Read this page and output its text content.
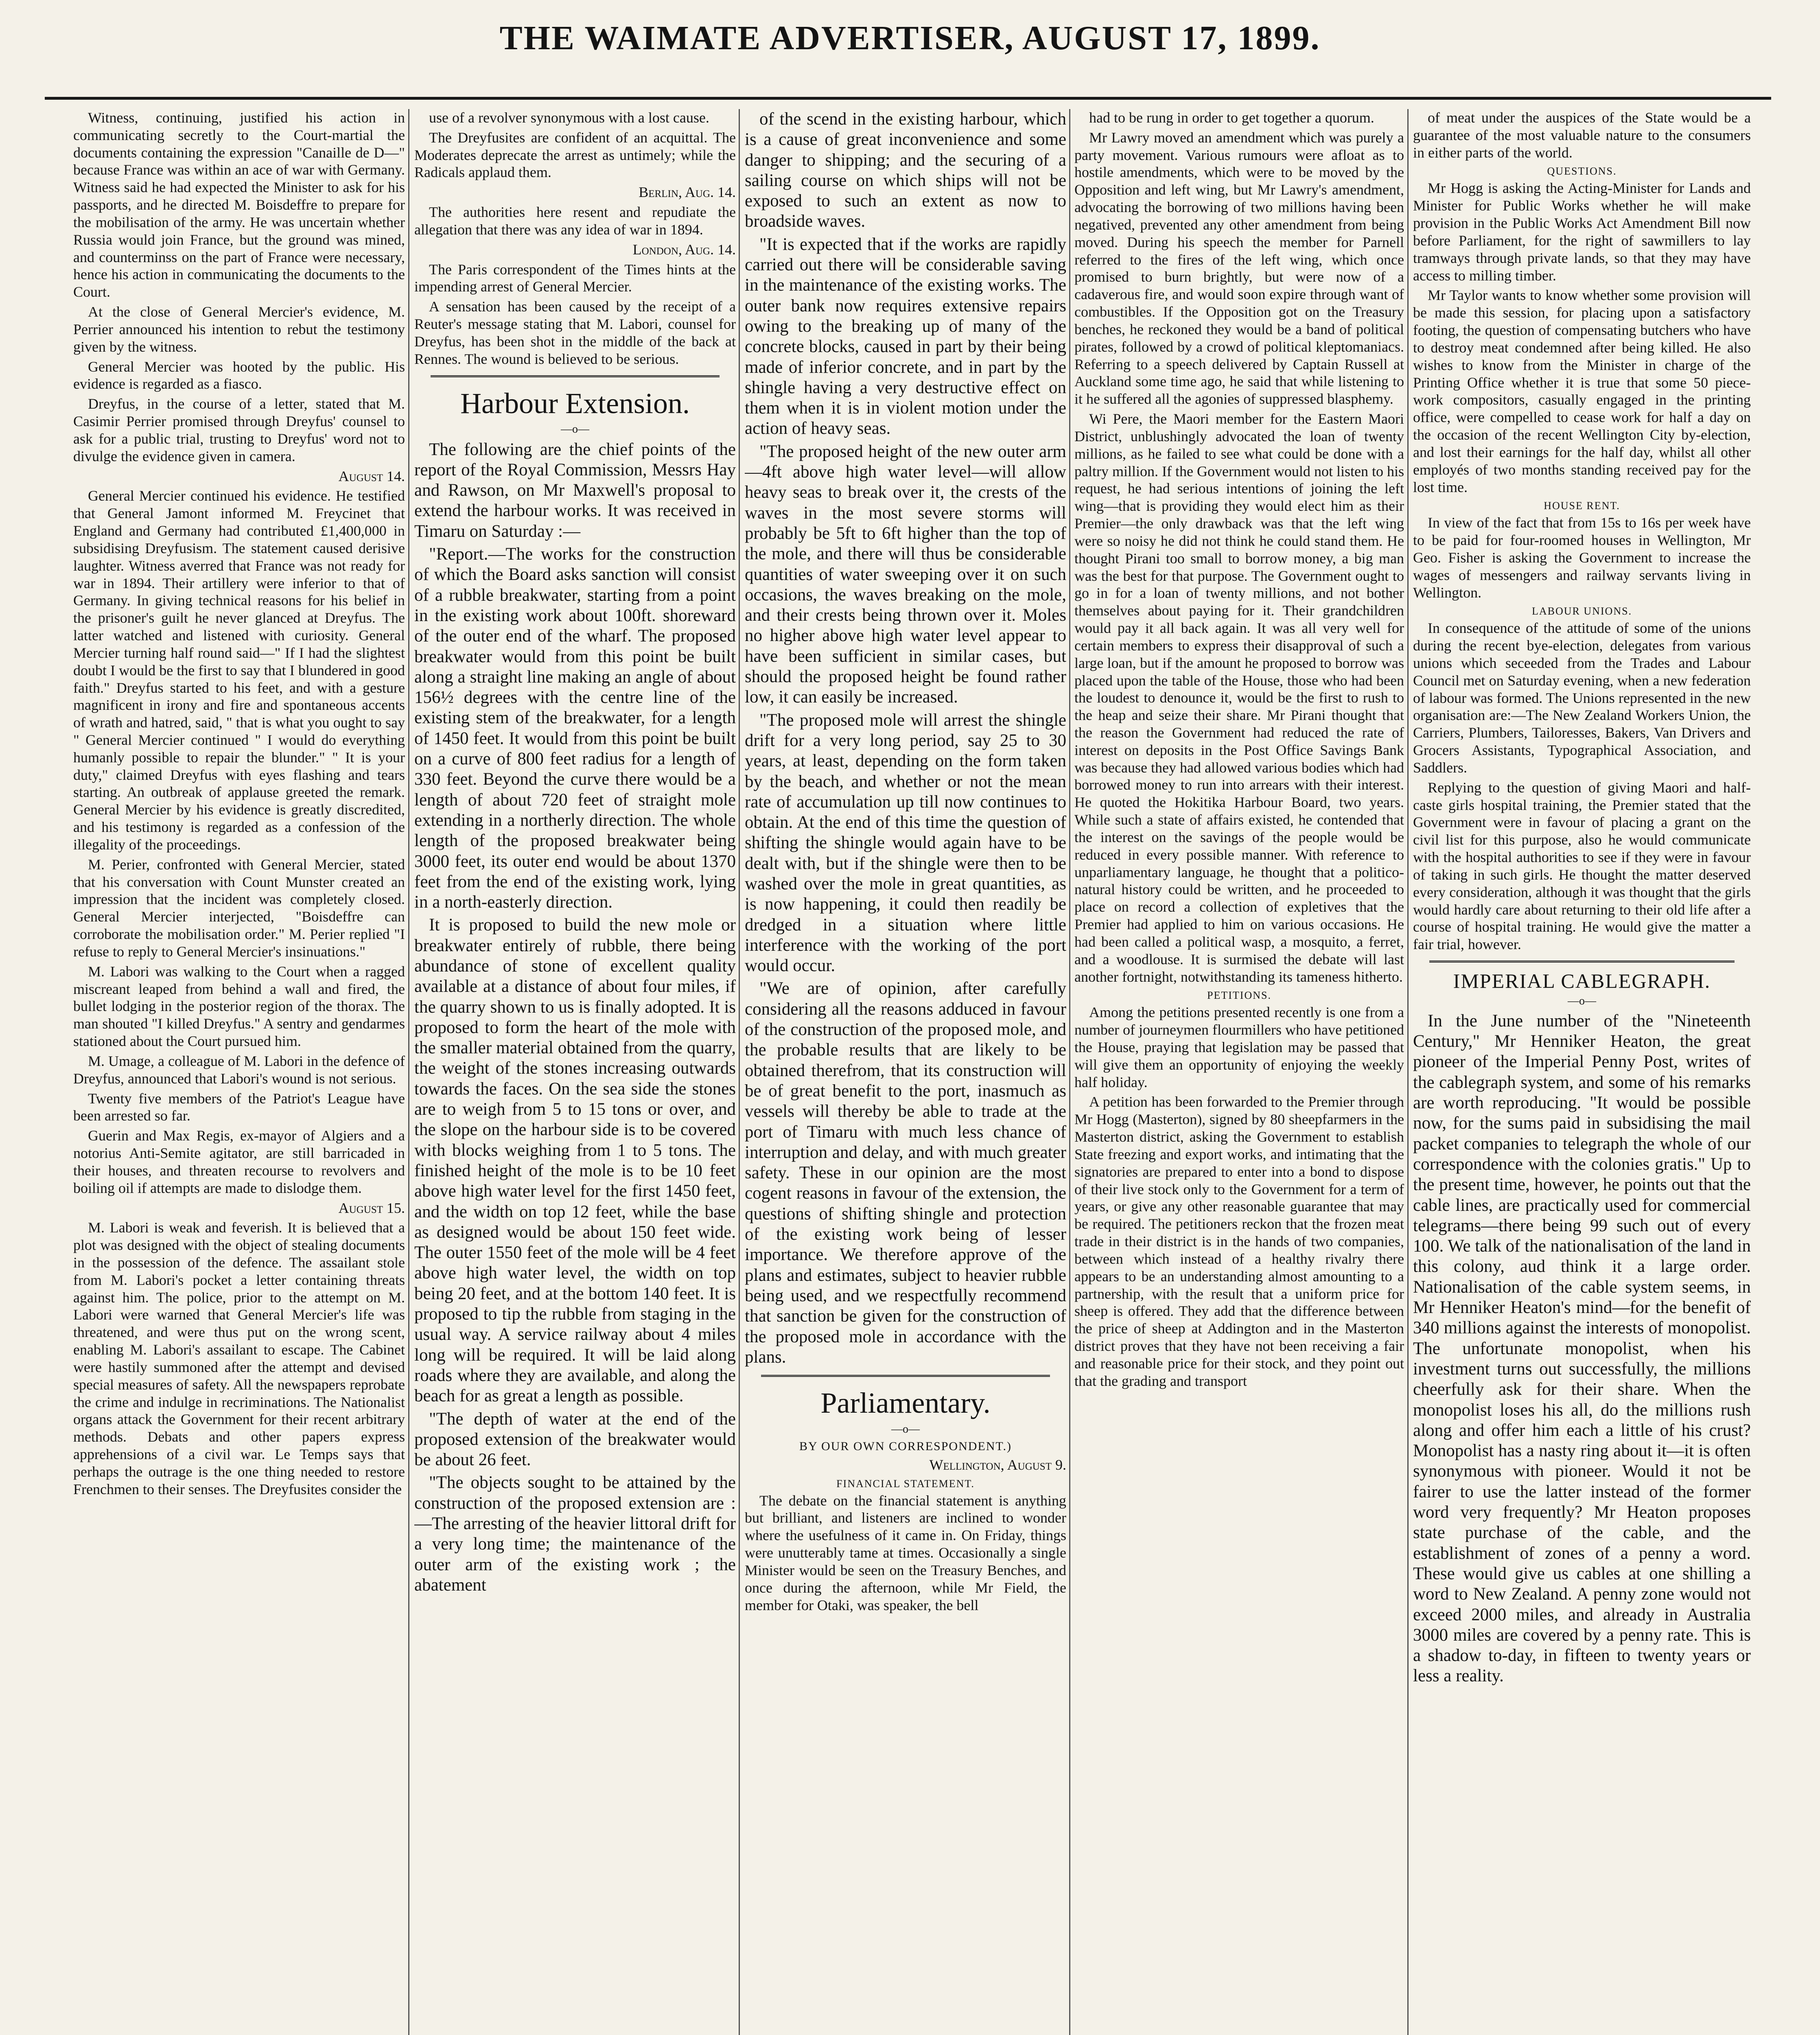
THE WAIMATE ADVERTISER, AUGUST 17, 1899.

Witness, continuing, justified his action in communicating secretly to the Court-martial the documents containing the expression "Canaille de D—" because France was within an ace of war with Germany. Witness said he had expected the Minister to ask for his passports, and he directed M. Boisdeffre to prepare for the mobilisation of the army. He was uncertain whether Russia would join France, but the ground was mined, and counterminss on the part of France were necessary, hence his action in communicating the documents to the Court.

At the close of General Mercier's evidence, M. Perrier announced his intention to rebut the testimony given by the witness.

General Mercier was hooted by the public. His evidence is regarded as a fiasco.

Dreyfus, in the course of a letter, stated that M. Casimir Perrier promised through Dreyfus' counsel to ask for a public trial, trusting to Dreyfus' word not to divulge the evidence given in camera.

August 14.

General Mercier continued his evidence. He testified that General Jamont informed M. Freycinet that England and Germany had contributed £1,400,000 in subsidising Dreyfusism. The statement caused derisive laughter. Witness averred that France was not ready for war in 1894. Their artillery were inferior to that of Germany. In giving technical reasons for his belief in the prisoner's guilt he never glanced at Dreyfus. The latter watched and listened with curiosity. General Mercier turning half round said—" If I had the slightest doubt I would be the first to say that I blundered in good faith." Dreyfus started to his feet, and with a gesture magnificent in irony and fire and spontaneous accents of wrath and hatred, said, " that is what you ought to say " General Mercier continued " I would do everything humanly possible to repair the blunder." " It is your duty," claimed Dreyfus with eyes flashing and tears starting. An outbreak of applause greeted the remark. General Mercier by his evidence is greatly discredited, and his testimony is regarded as a confession of the illegality of the proceedings.

M. Perier, confronted with General Mercier, stated that his conversation with Count Munster created an impression that the incident was completely closed. General Mercier interjected, "Boisdeffre can corroborate the mobilisation order." M. Perier replied "I refuse to reply to General Mercier's insinuations."

M. Labori was walking to the Court when a ragged miscreant leaped from behind a wall and fired, the bullet lodging in the posterior region of the thorax. The man shouted "I killed Dreyfus." A sentry and gendarmes stationed about the Court pursued him.

M. Umage, a colleague of M. Labori in the defence of Dreyfus, announced that Labori's wound is not serious.

Twenty five members of the Patriot's League have been arrested so far.

Guerin and Max Regis, ex-mayor of Algiers and a notorius Anti-Semite agitator, are still barricaded in their houses, and threaten recourse to revolvers and boiling oil if attempts are made to dislodge them.

August 15.

M. Labori is weak and feverish. It is believed that a plot was designed with the object of stealing documents in the possession of the defence. The assailant stole from M. Labori's pocket a letter containing threats against him. The police, prior to the attempt on M. Labori were warned that General Mercier's life was threatened, and were thus put on the wrong scent, enabling M. Labori's assailant to escape. The Cabinet were hastily summoned after the attempt and devised special measures of safety. All the newspapers reprobate the crime and indulge in recriminations. The Nationalist organs attack the Government for their recent arbitrary methods. Debats and other papers express apprehensions of a civil war. Le Temps says that perhaps the outrage is the one thing needed to restore Frenchmen to their senses. The Dreyfusites consider the

use of a revolver synonymous with a lost cause.

The Dreyfusites are confident of an acquittal. The Moderates deprecate the arrest as untimely; while the Radicals applaud them.

Berlin, Aug. 14.

The authorities here resent and repudiate the allegation that there was any idea of war in 1894.

London, Aug. 14.

The Paris correspondent of the Times hints at the impending arrest of General Mercier.

A sensation has been caused by the receipt of a Reuter's message stating that M. Labori, counsel for Dreyfus, has been shot in the middle of the back at Rennes. The wound is believed to be serious.

Harbour Extension.
—o—

The following are the chief points of the report of the Royal Commission, Messrs Hay and Rawson, on Mr Maxwell's proposal to extend the harbour works. It was received in Timaru on Saturday :—

"Report.—The works for the construction of which the Board asks sanction will consist of a rubble breakwater, starting from a point in the existing work about 100ft. shoreward of the outer end of the wharf. The proposed breakwater would from this point be built along a straight line making an angle of about 156½ degrees with the centre line of the existing stem of the breakwater, for a length of 1450 feet. It would from this point be built on a curve of 800 feet radius for a length of 330 feet. Beyond the curve there would be a length of about 720 feet of straight mole extending in a northerly direction. The whole length of the proposed breakwater being 3000 feet, its outer end would be about 1370 feet from the end of the existing work, lying in a north-easterly direction.

It is proposed to build the new mole or breakwater entirely of rubble, there being abundance of stone of excellent quality available at a distance of about four miles, if the quarry shown to us is finally adopted. It is proposed to form the heart of the mole with the smaller material obtained from the quarry, the weight of the stones increasing outwards towards the faces. On the sea side the stones are to weigh from 5 to 15 tons or over, and the slope on the harbour side is to be covered with blocks weighing from 1 to 5 tons. The finished height of the mole is to be 10 feet above high water level for the first 1450 feet, and the width on top 12 feet, while the base as designed would be about 150 feet wide. The outer 1550 feet of the mole will be 4 feet above high water level, the width on top being 20 feet, and at the bottom 140 feet. It is proposed to tip the rubble from staging in the usual way. A service railway about 4 miles long will be required. It will be laid along roads where they are available, and along the beach for as great a length as possible.

"The depth of water at the end of the proposed extension of the breakwater would be about 26 feet.

"The objects sought to be attained by the construction of the proposed extension are :—The arresting of the heavier littoral drift for a very long time; the maintenance of the outer arm of the existing work ; the abatement

of the scend in the existing harbour, which is a cause of great inconvenience and some danger to shipping; and the securing of a sailing course on which ships will not be exposed to such an extent as now to broadside waves.

"It is expected that if the works are rapidly carried out there will be considerable saving in the maintenance of the existing works. The outer bank now requires extensive repairs owing to the breaking up of many of the concrete blocks, caused in part by their being made of inferior concrete, and in part by the shingle having a very destructive effect on them when it is in violent motion under the action of heavy seas.

"The proposed height of the new outer arm—4ft above high water level—will allow heavy seas to break over it, the crests of the waves in the most severe storms will probably be 5ft to 6ft higher than the top of the mole, and there will thus be considerable quantities of water sweeping over it on such occasions, the waves breaking on the mole, and their crests being thrown over it. Moles no higher above high water level appear to have been sufficient in similar cases, but should the proposed height be found rather low, it can easily be increased.

"The proposed mole will arrest the shingle drift for a very long period, say 25 to 30 years, at least, depending on the form taken by the beach, and whether or not the mean rate of accumulation up till now continues to obtain. At the end of this time the question of shifting the shingle would again have to be dealt with, but if the shingle were then to be washed over the mole in great quantities, as is now happening, it could then readily be dredged in a situation where little interference with the working of the port would occur.

"We are of opinion, after carefully considering all the reasons adduced in favour of the construction of the proposed mole, and the probable results that are likely to be obtained therefrom, that its construction will be of great benefit to the port, inasmuch as vessels will thereby be able to trade at the port of Timaru with much less chance of interruption and delay, and with much greater safety. These in our opinion are the most cogent reasons in favour of the extension, the questions of shifting shingle and protection of the existing work being of lesser importance. We therefore approve of the plans and estimates, subject to heavier rubble being used, and we respectfully recommend that sanction be given for the construction of the proposed mole in accordance with the plans.

Parliamentary.
—o—
BY OUR OWN CORRESPONDENT.)

Wellington, August 9.

FINANCIAL STATEMENT.

The debate on the financial statement is anything but brilliant, and listeners are inclined to wonder where the usefulness of it came in. On Friday, things were unutterably tame at times. Occasionally a single Minister would be seen on the Treasury Benches, and once during the afternoon, while Mr Field, the member for Otaki, was speaker, the bell

had to be rung in order to get together a quorum.

Mr Lawry moved an amendment which was purely a party movement. Various rumours were afloat as to hostile amendments, which were to be moved by the Opposition and left wing, but Mr Lawry's amendment, advocating the borrowing of two millions having been negatived, prevented any other amendment from being moved. During his speech the member for Parnell referred to the fires of the left wing, which once promised to burn brightly, but were now of a cadaverous fire, and would soon expire through want of combustibles. If the Opposition got on the Treasury benches, he reckoned they would be a band of political pirates, followed by a crowd of political kleptomaniacs. Referring to a speech delivered by Captain Russell at Auckland some time ago, he said that while listening to it he suffered all the agonies of suppressed blasphemy.

Wi Pere, the Maori member for the Eastern Maori District, unblushingly advocated the loan of twenty millions, as he failed to see what could be done with a paltry million. If the Government would not listen to his request, he had serious intentions of joining the left wing—that is providing they would elect him as their Premier—the only drawback was that the left wing were so noisy he did not think he could stand them. He thought Pirani too small to borrow money, a big man was the best for that purpose. The Government ought to go in for a loan of twenty millions, and not bother themselves about paying for it. Their grandchildren would pay it all back again. It was all very well for certain members to express their disapproval of such a large loan, but if the amount he proposed to borrow was placed upon the table of the House, those who had been the loudest to denounce it, would be the first to rush to the heap and seize their share. Mr Pirani thought that the reason the Government had reduced the rate of interest on deposits in the Post Office Savings Bank was because they had allowed various bodies which had borrowed money to run into arrears with their interest. He quoted the Hokitika Harbour Board, two years. While such a state of affairs existed, he contended that the interest on the savings of the people would be reduced in every possible manner. With reference to unparliamentary language, he thought that a politico-natural history could be written, and he proceeded to place on record a collection of expletives that the Premier had applied to him on various occasions. He had been called a political wasp, a mosquito, a ferret, and a woodlouse. It is surmised the debate will last another fortnight, notwithstanding its tameness hitherto.

PETITIONS.

Among the petitions presented recently is one from a number of journeymen flourmillers who have petitioned the House, praying that legislation may be passed that will give them an opportunity of enjoying the weekly half holiday.

A petition has been forwarded to the Premier through Mr Hogg (Masterton), signed by 80 sheepfarmers in the Masterton district, asking the Government to establish State freezing and export works, and intimating that the signatories are prepared to enter into a bond to dispose of their live stock only to the Government for a term of years, or give any other reasonable guarantee that may be required. The petitioners reckon that the frozen meat trade in their district is in the hands of two companies, between which instead of a healthy rivalry there appears to be an understanding almost amounting to a partnership, with the result that a uniform price for sheep is offered. They add that the difference between the price of sheep at Addington and in the Masterton district proves that they have not been receiving a fair and reasonable price for their stock, and they point out that the grading and transport

of meat under the auspices of the State would be a guarantee of the most valuable nature to the consumers in either parts of the world.

QUESTIONS.

Mr Hogg is asking the Acting-Minister for Lands and Minister for Public Works whether he will make provision in the Public Works Act Amendment Bill now before Parliament, for the right of sawmillers to lay tramways through private lands, so that they may have access to milling timber.

Mr Taylor wants to know whether some provision will be made this session, for placing upon a satisfactory footing, the question of compensating butchers who have to destroy meat condemned after being killed. He also wishes to know from the Minister in charge of the Printing Office whether it is true that some 50 piece-work compositors, casually engaged in the printing office, were compelled to cease work for half a day on the occasion of the recent Wellington City by-election, and lost their earnings for the half day, whilst all other employés of two months standing received pay for the lost time.

HOUSE RENT.

In view of the fact that from 15s to 16s per week have to be paid for four-roomed houses in Wellington, Mr Geo. Fisher is asking the Government to increase the wages of messengers and railway servants living in Wellington.

LABOUR UNIONS.

In consequence of the attitude of some of the unions during the recent bye-election, delegates from various unions which seceeded from the Trades and Labour Council met on Saturday evening, when a new federation of labour was formed. The Unions represented in the new organisation are:—The New Zealand Workers Union, the Carriers, Plumbers, Tailoresses, Bakers, Van Drivers and Grocers Assistants, Typographical Association, and Saddlers.

Replying to the question of giving Maori and half-caste girls hospital training, the Premier stated that the Government were in favour of placing a grant on the civil list for this purpose, also he would communicate with the hospital authorities to see if they were in favour of taking in such girls. He thought the matter deserved every consideration, although it was thought that the girls would hardly care about returning to their old life after a course of hospital training. He would give the matter a fair trial, however.

IMPERIAL CABLEGRAPH.
—o—

In the June number of the "Nineteenth Century," Mr Henniker Heaton, the great pioneer of the Imperial Penny Post, writes of the cablegraph system, and some of his remarks are worth reproducing. "It would be possible now, for the sums paid in subsidising the mail packet companies to telegraph the whole of our correspondence with the colonies gratis." Up to the present time, however, he points out that the cable lines, are practically used for commercial telegrams—there being 99 such out of every 100. We talk of the nationalisation of the land in this colony, aud think it a large order. Nationalisation of the cable system seems, in Mr Henniker Heaton's mind—for the benefit of 340 millions against the interests of monopolist. The unfortunate monopolist, when his investment turns out successfully, the millions cheerfully ask for their share. When the monopolist loses his all, do the millions rush along and offer him each a little of his crust? Monopolist has a nasty ring about it—it is often synonymous with pioneer. Would it not be fairer to use the latter instead of the former word very frequently? Mr Heaton proposes state purchase of the cable, and the establishment of zones of a penny a word. These would give us cables at one shilling a word to New Zealand. A penny zone would not exceed 2000 miles, and already in Australia 3000 miles are covered by a penny rate. This is a shadow to-day, in fifteen to twenty years or less a reality.
